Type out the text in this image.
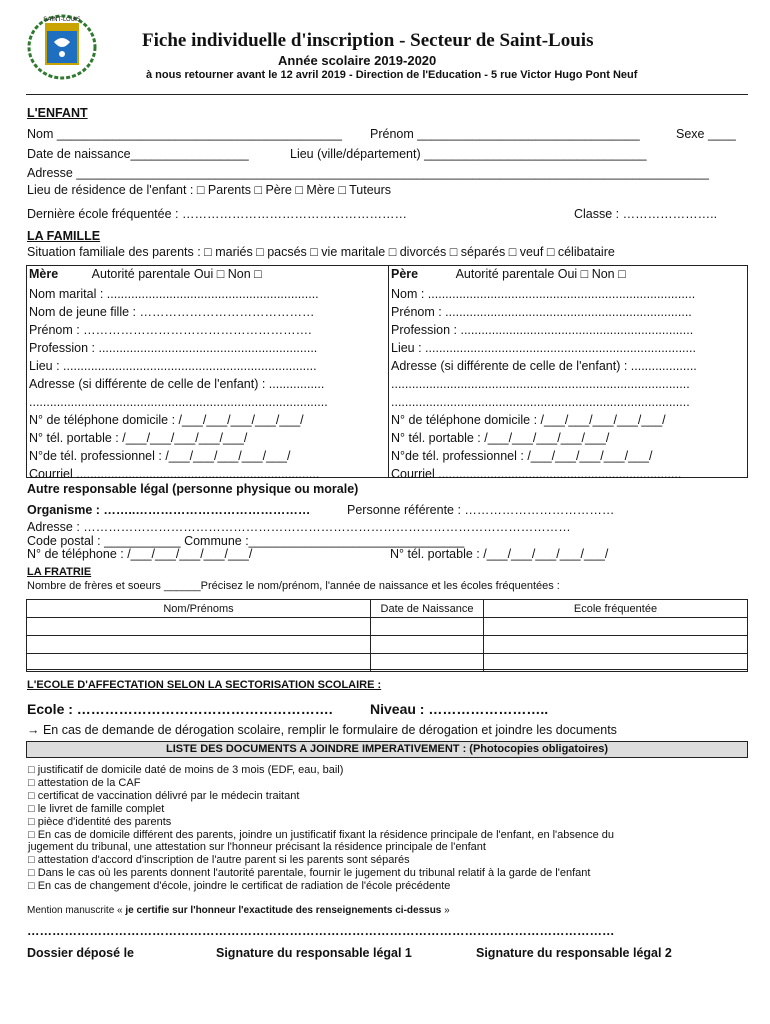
SAINT-LOUIS
Fiche individuelle d'inscription - Secteur de Saint-Louis
Année scolaire 2019-2020
à nous retourner avant le 12 avril 2019 - Direction de l'Education - 5 rue Victor Hugo Pont Neuf
L'ENFANT
Nom _________________________________________ Prénom ________________________________	Sexe ____
Date de naissance_________________	Lieu (ville/département) ________________________________
Adresse ___________________________________________________________________________________________
Lieu de résidence de l'enfant : □ Parents □ Père □ Mère □ Tuteurs
Dernière école fréquentée : ………………………………………………	Classe : …………………..
LA FAMILLE
Situation familiale des parents : □ mariés □ pacsés □ vie maritale □ divorcés □ séparés □ veuf □ célibataire
Mère	Autorité parentale Oui □ Non □
Nom marital : .............................................................
Nom de jeune fille : ……………………………………
Prénom : ……………………………………………….
Profession : ...............................................................
Lieu : .........................................................................
Adresse (si différente de celle de l'enfant) : ................
......................................................................................
N° de téléphone domicile : /___/___/___/___/___/
N° tél. portable : /___/___/___/___/___/
N°de tél. professionnel : /___/___/___/___/___/
Courriel ......................................................................
Père	Autorité parentale Oui □ Non □
Nom : .............................................................................
Prénom : .......................................................................
Profession : ...................................................................
Lieu : ..............................................................................
Adresse (si différente de celle de l'enfant) : ...................
......................................................................................
......................................................................................
N° de téléphone domicile : /___/___/___/___/___/
N° tél. portable : /___/___/___/___/___/
N°de tél. professionnel : /___/___/___/___/___/
Courriel ......................................................................
Autre responsable légal (personne physique ou morale)
Organisme : ……..……………………………………	Personne référente : ………………………………
Adresse : ………………………………………………………………………………………………………
Code postal : ___________ Commune :_______________________________
N° de téléphone : /___/___/___/___/___/	N° tél. portable : /___/___/___/___/___/
LA FRATRIE
Nombre de frères et soeurs ______Précisez le nom/prénom, l'année de naissance et les écoles fréquentées :
Nom/Prénoms	Date de Naissance	Ecole fréquentée

L'ECOLE D'AFFECTATION SELON LA SECTORISATION SCOLAIRE :
Ecole : ……………………………………………….	Niveau : ……………………..
→ En cas de demande de dérogation scolaire, remplir le formulaire de dérogation et joindre les documents
LISTE DES DOCUMENTS A JOINDRE IMPERATIVEMENT : (Photocopies obligatoires)
□ justificatif de domicile daté de moins de 3 mois (EDF, eau, bail)
□ attestation de la CAF
□ certificat de vaccination délivré par le médecin traitant
□ le livret de famille complet
□ pièce d'identité des parents
□ En cas de domicile différent des parents, joindre un justificatif fixant la résidence principale de l'enfant, en l'absence du
jugement du tribunal, une attestation sur l'honneur précisant la résidence principale de l'enfant
□ attestation d'accord d'inscription de l'autre parent si les parents sont séparés
□ Dans le cas où les parents donnent l'autorité parentale, fournir le jugement du tribunal relatif à la garde de l'enfant
□ En cas de changement d'école, joindre le certificat de radiation de l'école précédente
Mention manuscrite « je certifie sur l'honneur l'exactitude des renseignements ci-dessus »
……………………………………………………………………………………………………………………………
Dossier déposé le	Signature du responsable légal 1	Signature du responsable légal 2
